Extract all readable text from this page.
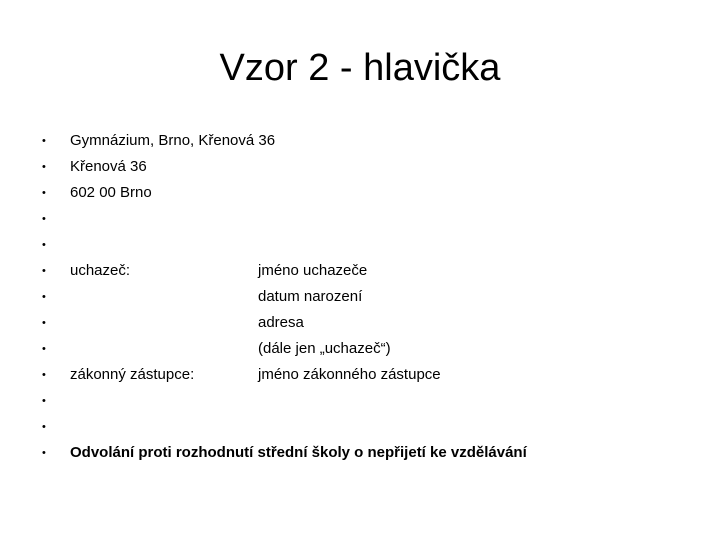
Vzor 2 - hlavička
• Gymnázium, Brno, Křenová 36
• Křenová 36
• 602 00 Brno
•
•
• uchazeč:	jméno uchazeče
•	datum narození
•	adresa
•	(dále jen „uchazeč“)
• zákonný zástupce:	jméno zákonného zástupce
•
•
• Odvolání proti rozhodnutí střední školy o nepřijetí ke vzdělávání
